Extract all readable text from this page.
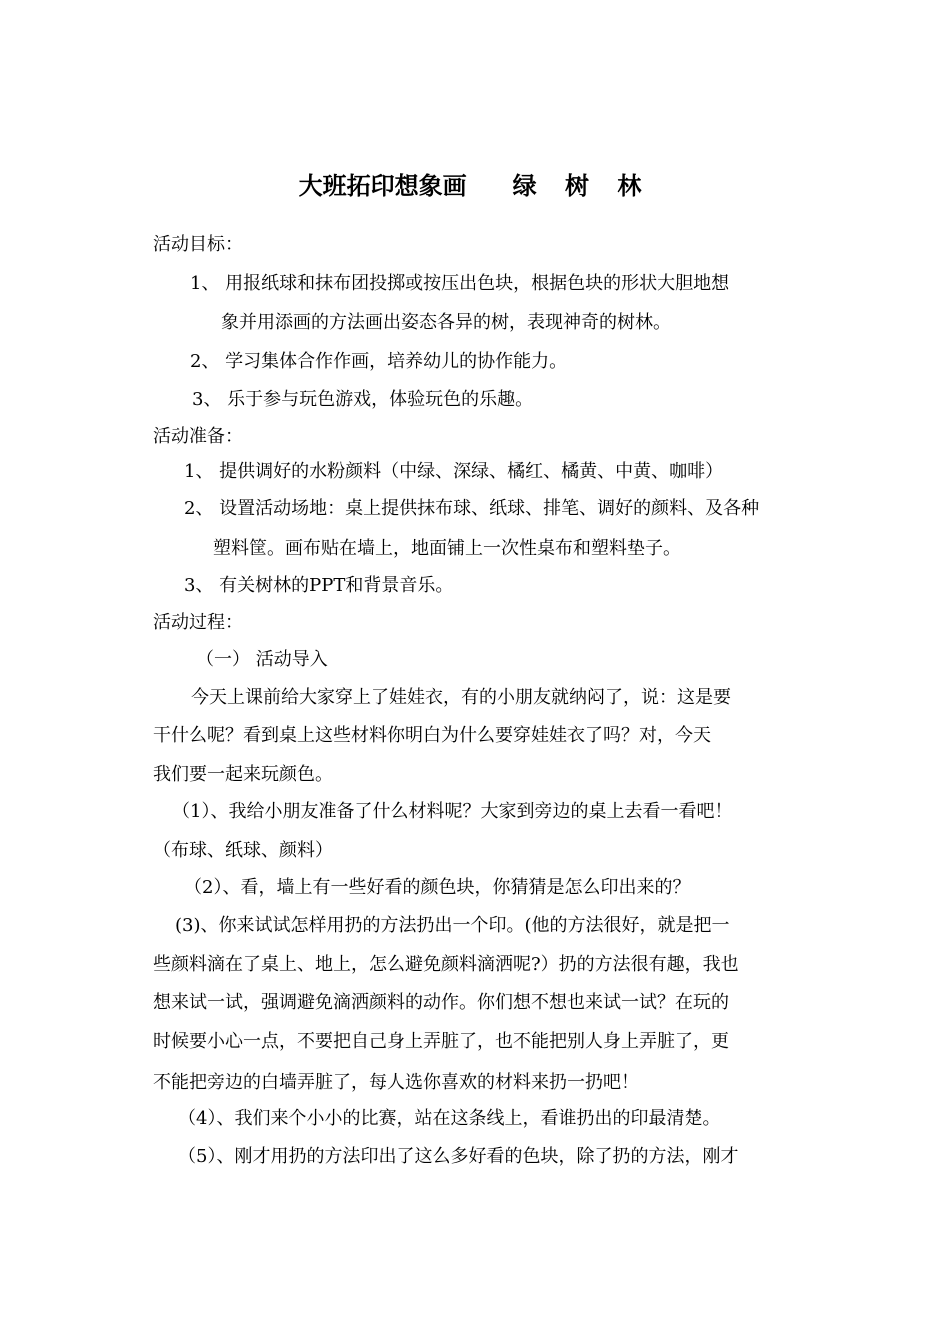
大班拓印想象画 绿 树 林
活动目标：
1、 用报纸球和抹布团投掷或按压出色块，根据色块的形状大胆地想
象并用添画的方法画出姿态各异的树，表现神奇的树林。
2、 学习集体合作作画，培养幼儿的协作能力。
3、 乐于参与玩色游戏，体验玩色的乐趣。
活动准备：
1、 提供调好的水粉颜料（中绿、深绿、橘红、橘黄、中黄、咖啡）
2、 设置活动场地：桌上提供抹布球、纸球、排笔、调好的颜料、及各种
塑料筐。画布贴在墙上，地面铺上一次性桌布和塑料垫子。
3、 有关树林的PPT和背景音乐。
活动过程：
（一） 活动导入
今天上课前给大家穿上了娃娃衣，有的小朋友就纳闷了，说：这是要
干什么呢？看到桌上这些材料你明白为什么要穿娃娃衣了吗？对，今天
我们要一起来玩颜色。
（1）、我给小朋友准备了什么材料呢？大家到旁边的桌上去看一看吧！
（布球、纸球、颜料）
（2）、看，墙上有一些好看的颜色块，你猜猜是怎么印出来的？
(3)、你来试试怎样用扔的方法扔出一个印。(他的方法很好，就是把一
些颜料滴在了桌上、地上，怎么避免颜料滴洒呢?）扔的方法很有趣，我也
想来试一试，强调避免滴洒颜料的动作。你们想不想也来试一试？在玩的
时候要小心一点，不要把自己身上弄脏了，也不能把别人身上弄脏了，更
不能把旁边的白墙弄脏了，每人选你喜欢的材料来扔一扔吧！
（4）、我们来个小小的比赛，站在这条线上，看谁扔出的印最清楚。
（5）、刚才用扔的方法印出了这么多好看的色块，除了扔的方法，刚才
